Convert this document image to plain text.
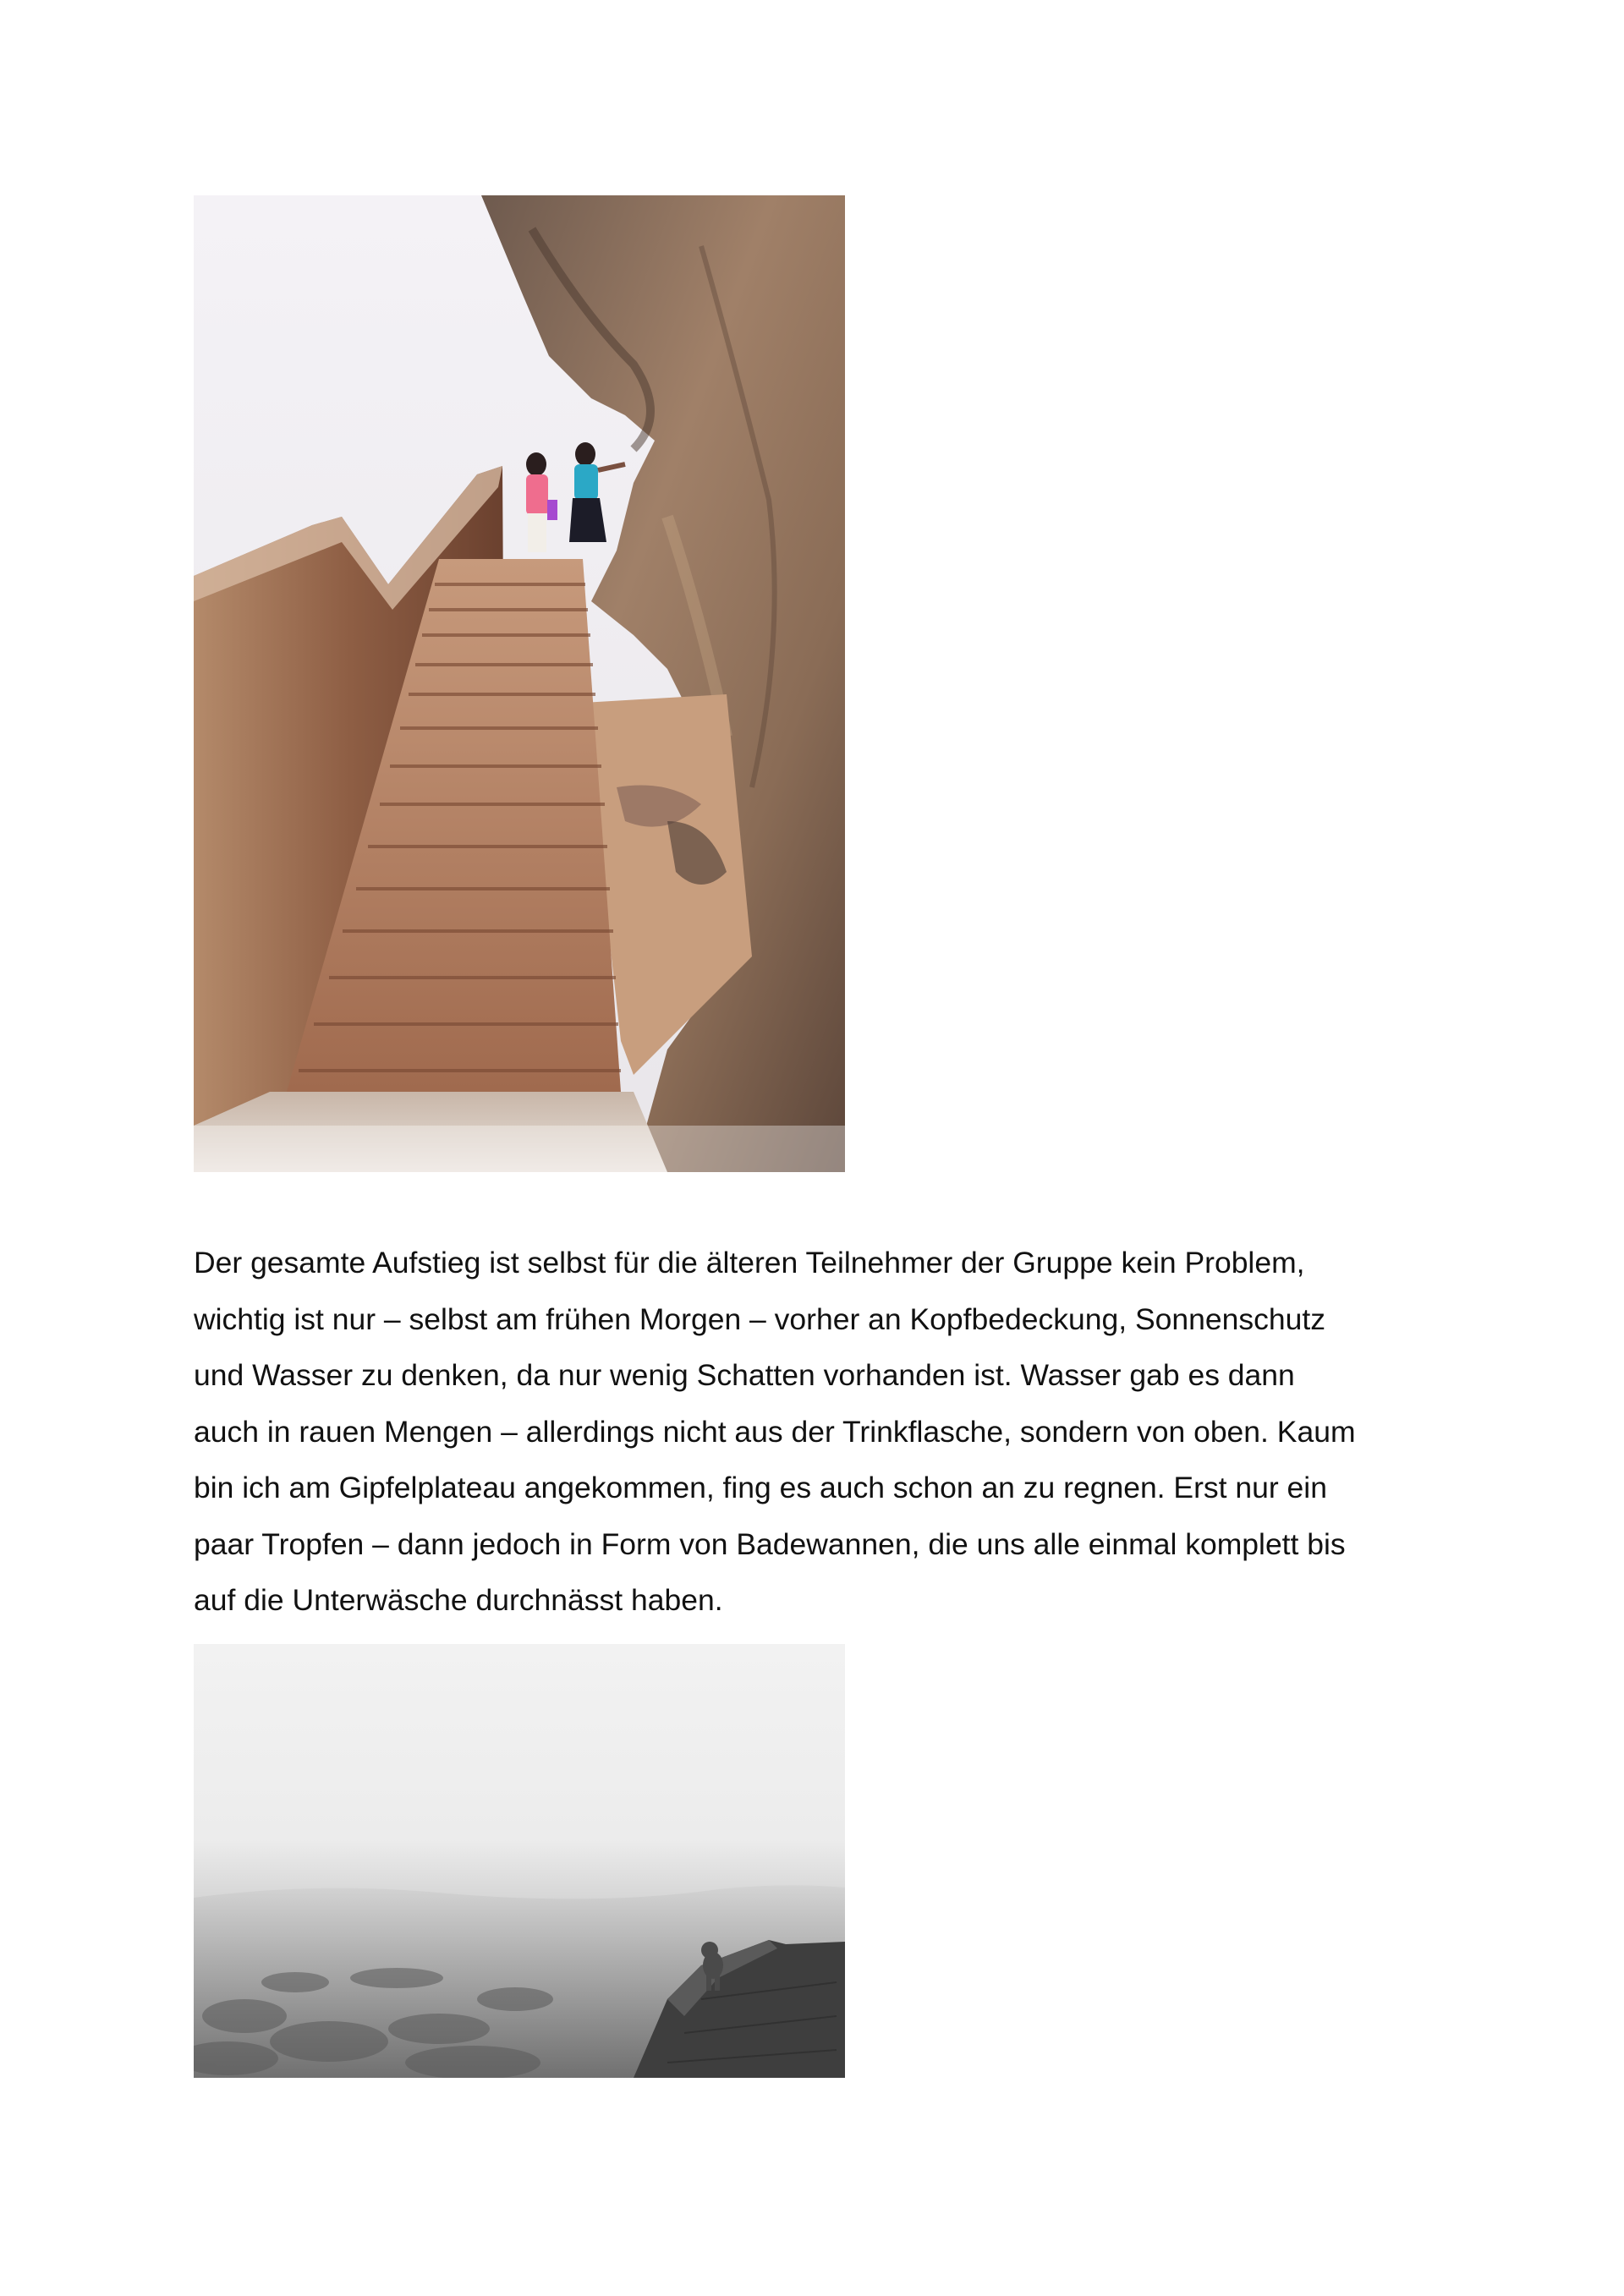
Der gesamte Aufstieg ist selbst für die älteren Teilnehmer der Gruppe kein Problem,
wichtig ist nur – selbst am frühen Morgen – vorher an Kopfbedeckung, Sonnenschutz
und Wasser zu denken, da nur wenig Schatten vorhanden ist. Wasser gab es dann
auch in rauen Mengen – allerdings nicht aus der Trinkflasche, sondern von oben. Kaum
bin ich am Gipfelplateau angekommen, fing es auch schon an zu regnen. Erst nur ein
paar Tropfen – dann jedoch in Form von Badewannen, die uns alle einmal komplett bis
auf die Unterwäsche durchnässt haben.
